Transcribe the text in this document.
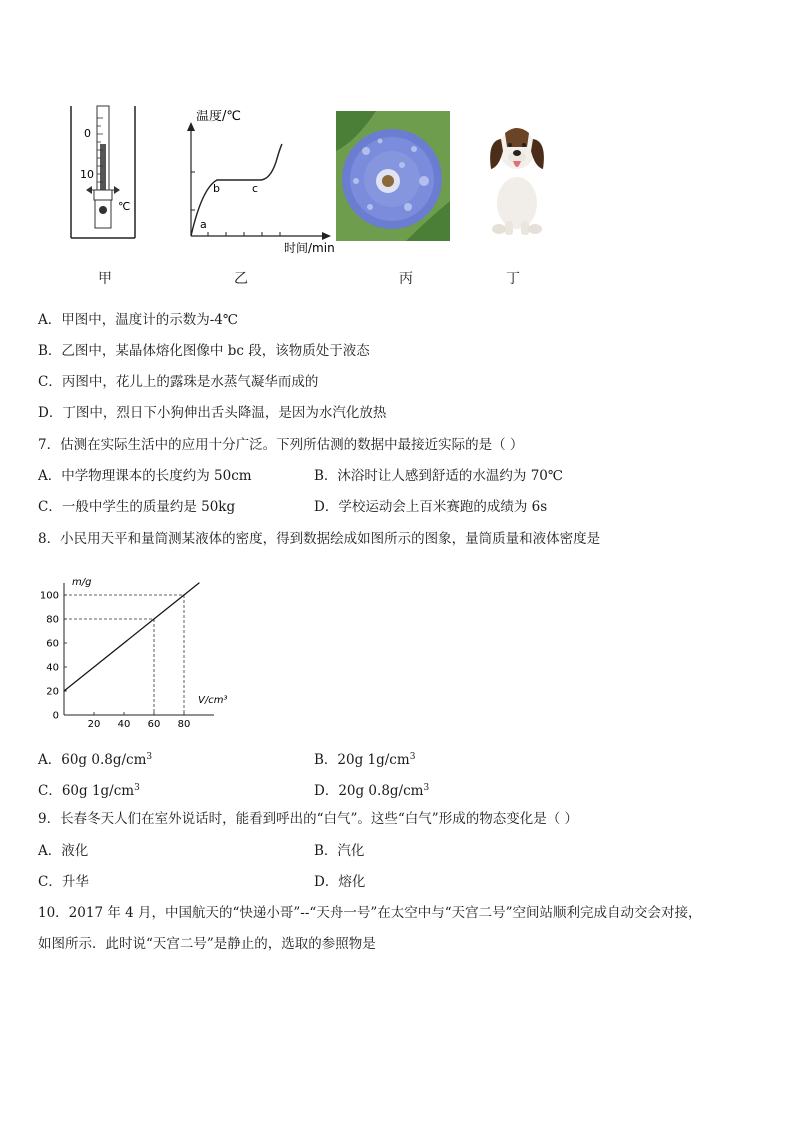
0
10
℃
甲
温度/℃
时间/min
a
b	c
乙	丙	丁
A．甲图中，温度计的示数为-4℃
B．乙图中，某晶体熔化图像中 bc 段，该物质处于液态
C．丙图中，花儿上的露珠是水蒸气凝华而成的
D．丁图中，烈日下小狗伸出舌头降温，是因为水汽化放热
7．估测在实际生活中的应用十分广泛。下列所估测的数据中最接近实际的是（ ）
A．中学物理课本的长度约为 50cm	B．沐浴时让人感到舒适的水温约为 70℃
C．一般中学生的质量约是 50kg	D．学校运动会上百米赛跑的成绩为 6s
8．小民用天平和量筒测某液体的密度，得到数据绘成如图所示的图象，量筒质量和液体密度是
0
20
40
60
80
100
20 40 60 80
m/g
V/cm³
A．60g $0.8g/cm^3$	B．20g $1g/cm^3$
C．60g $1g/cm^3$	D．20g $0.8g/cm^3$
9．长春冬天人们在室外说话时，能看到呼出的“白气”。这些“白气”形成的物态变化是（ ）
A．液化	B．汽化
C．升华	D．熔化
10．2017 年 4 月，中国航天的“快递小哥”--“天舟一号”在太空中与“天宫二号”空间站顺利完成自动交会对接，
如图所示．此时说“天宫二号”是静止的，选取的参照物是
